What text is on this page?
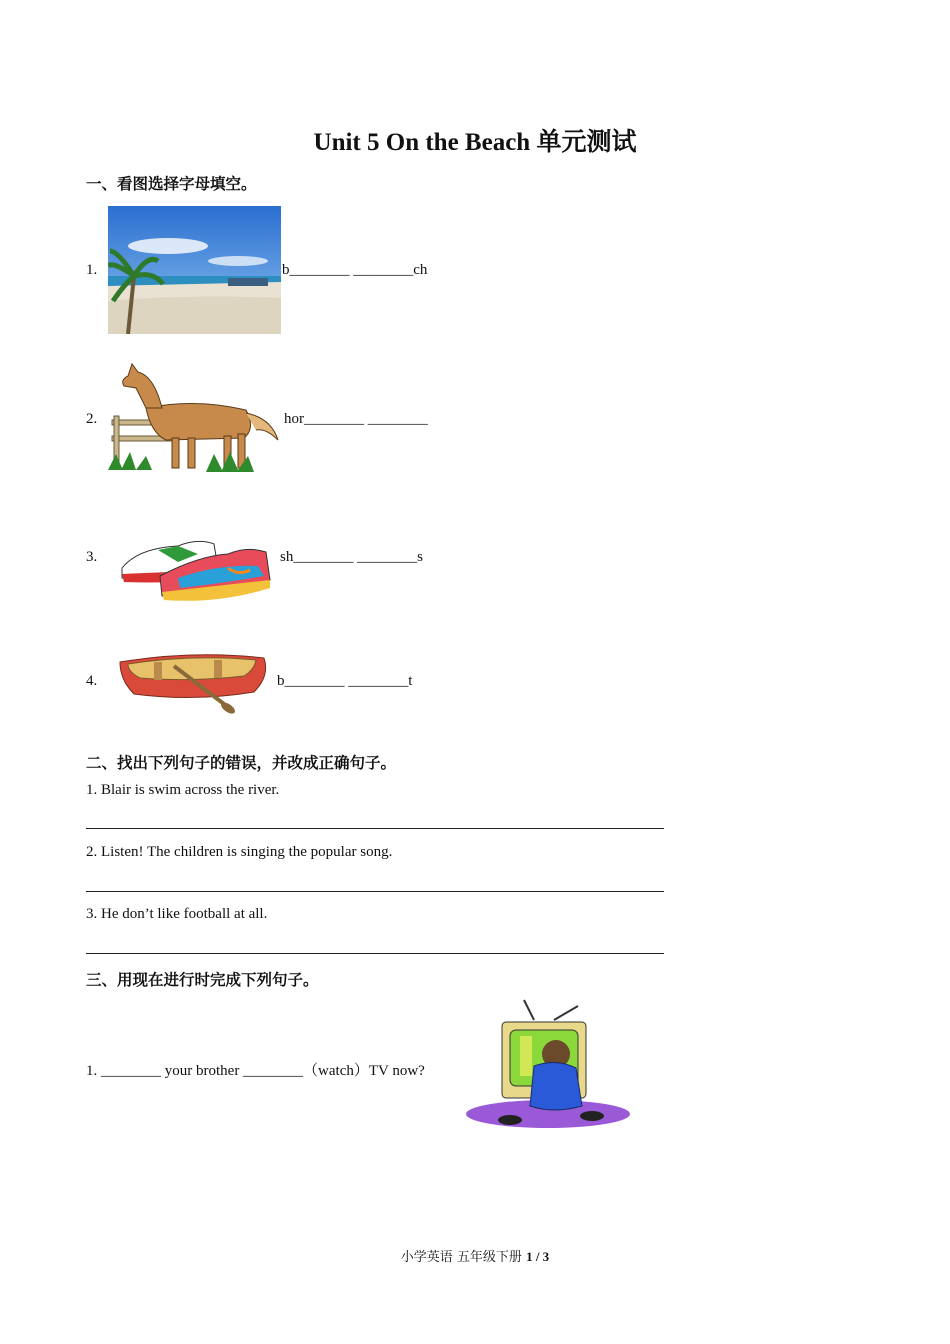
Unit 5 On the Beach 单元测试
一、看图选择字母填空。
1.	b________ ________ch
2.	hor________ ________
3.	sh________ ________s
4.	b________ ________t
二、找出下列句子的错误，并改成正确句子。
1. Blair is swim across the river.
2. Listen! The children is singing the popular song.
3. He don’t like football at all.
三、用现在进行时完成下列句子。
1. ________ your brother ________（watch）TV now?
小学英语 五年级下册 1 / 3
